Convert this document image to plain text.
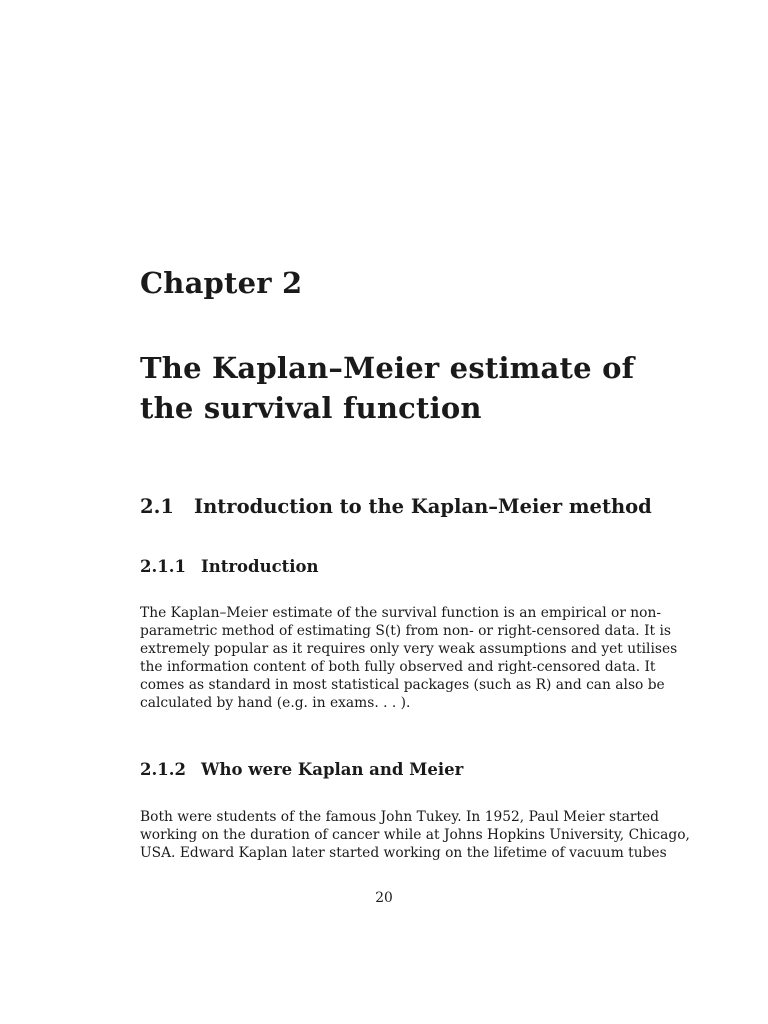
Chapter 2
The Kaplan–Meier estimate of
the survival function
2.1 Introduction to the Kaplan–Meier method
2.1.1 Introduction

The Kaplan–Meier estimate of the survival function is an empirical or non-
parametric method of estimating S(t) from non- or right-censored data. It is
extremely popular as it requires only very weak assumptions and yet utilises
the information content of both fully observed and right-censored data. It
comes as standard in most statistical packages (such as R) and can also be
calculated by hand (e.g. in exams. . . ).

2.1.2 Who were Kaplan and Meier

Both were students of the famous John Tukey. In 1952, Paul Meier started
working on the duration of cancer while at Johns Hopkins University, Chicago,
USA. Edward Kaplan later started working on the lifetime of vacuum tubes

20
